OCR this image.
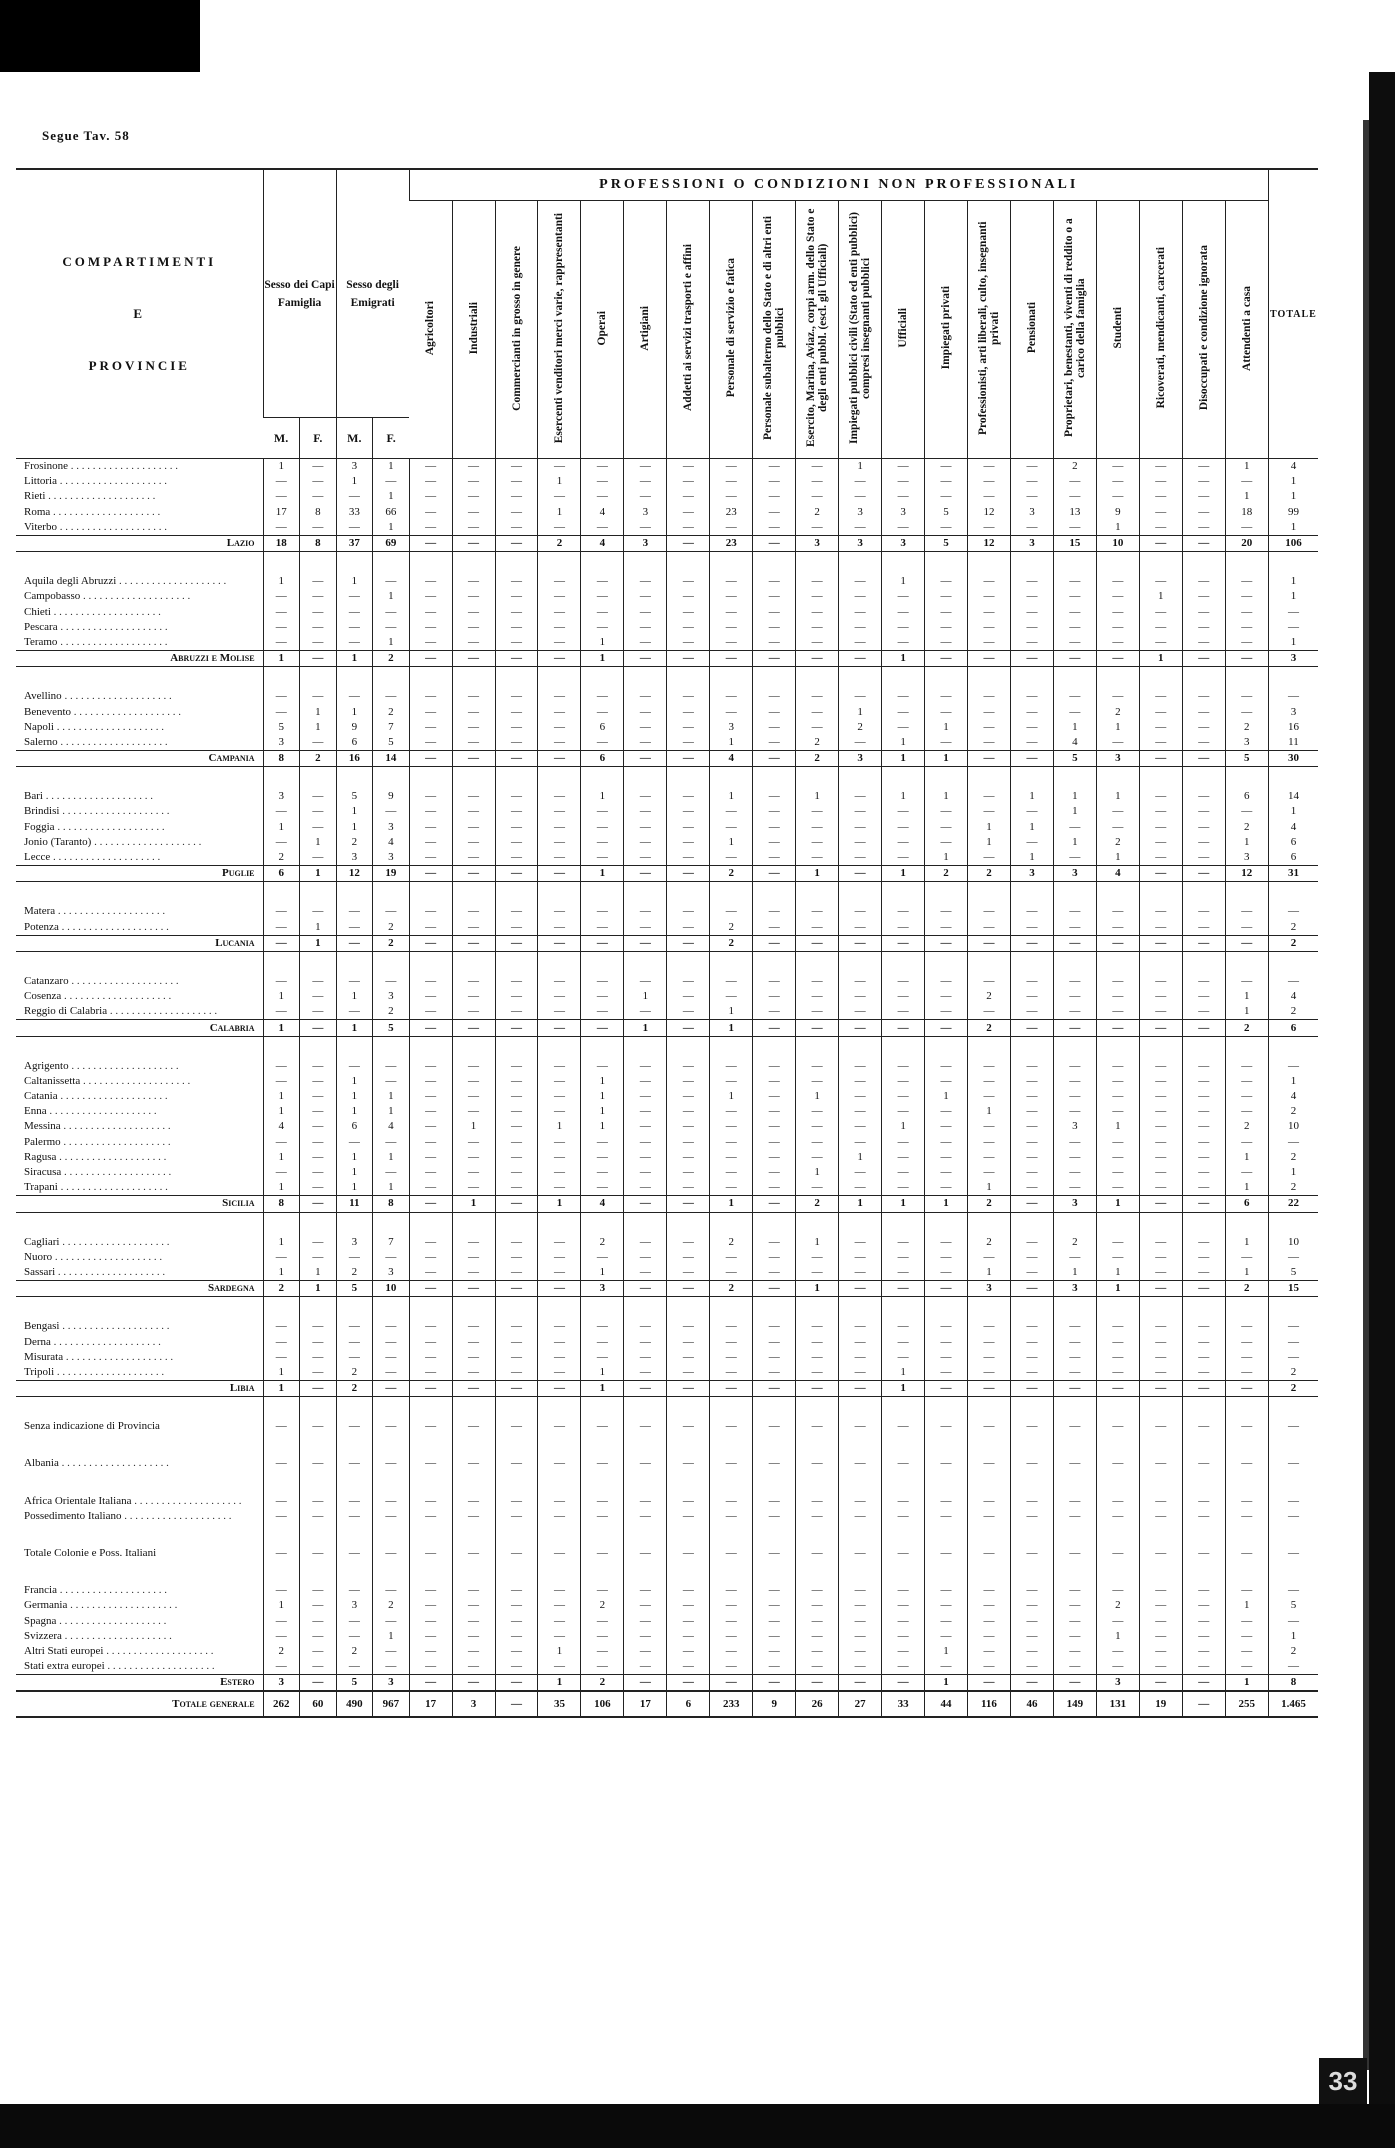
33
Segue Tav. 58
COMPARTIMENTI
E
PROVINCIE	Sesso dei Capi Famiglia		Sesso degli Emigrati		PROFESSIONI O CONDIZIONI NON PROFESSIONALI																				TOTALE
					Agricoltori	Industriali	Commercianti in grosso in genere	Esercenti venditori merci varie, rappresentanti	Operai	Artigiani	Addetti ai servizi trasporti e affini	Personale di servizio e fatica	Personale subalterno dello Stato e di altri enti pubblici	Esercito, Marina, Aviaz., corpi arm. dello Stato e degli enti pubbl. (escl. gli Ufficiali)	Impiegati pubblici civili (Stato ed enti pubblici) compresi insegnanti pubblici	Ufficiali	Impiegati privati	Professionisti, arti liberali, culto, insegnanti privati	Pensionati	Proprietari, benestanti, viventi di reddito o a carico della famiglia	Studenti	Ricoverati, mendicanti, carcerati	Disoccupati e condizione ignorata	Attendenti a casa	
	M.	F.	M.	F.																					
Frosinone . . .	1	—	3	1	—	—	—	—	—	—	—	—	—	—	1	—	—	—	—	2	—	—	—	1	4
Littoria . . .	—	—	1	—	—	—	—	1	—	—	—	—	—	—	—	—	—	—	—	—	—	—	—	—	1
Rieti . . .	—	—	—	1	—	—	—	—	—	—	—	—	—	—	—	—	—	—	—	—	—	—	—	1	1
Roma . . .	17	8	33	66	—	—	—	1	4	3	—	23	—	2	3	3	5	12	3	13	9	—	—	18	99
Viterbo . . .	—	—	—	1	—	—	—	—	—	—	—	—	—	—	—	—	—	—	—	—	1	—	—	—	1
Lazio	18	8	37	69	—	—	—	2	4	3	—	23	—	3	3	3	5	12	3	15	10	—	—	20	106

Aquila degli Abruzzi . . .	1	—	1	—	—	—	—	—	—	—	—	—	—	—	—	1	—	—	—	—	—	—	—	—	1
Campobasso . . .	—	—	—	1	—	—	—	—	—	—	—	—	—	—	—	—	—	—	—	—	—	1	—	—	1
Chieti . . .	—	—	—	—	—	—	—	—	—	—	—	—	—	—	—	—	—	—	—	—	—	—	—	—	—
Pescara . . .	—	—	—	—	—	—	—	—	—	—	—	—	—	—	—	—	—	—	—	—	—	—	—	—	—
Teramo . . .	—	—	—	1	—	—	—	—	1	—	—	—	—	—	—	—	—	—	—	—	—	—	—	—	1
Abruzzi e Molise	1	—	1	2	—	—	—	—	1	—	—	—	—	—	—	1	—	—	—	—	—	1	—	—	3

Avellino . . .	—	—	—	—	—	—	—	—	—	—	—	—	—	—	—	—	—	—	—	—	—	—	—	—	—
Benevento . . .	—	1	1	2	—	—	—	—	—	—	—	—	—	—	1	—	—	—	—	—	2	—	—	—	3
Napoli . . .	5	1	9	7	—	—	—	—	6	—	—	3	—	—	2	—	1	—	—	1	1	—	—	2	16
Salerno . . .	3	—	6	5	—	—	—	—	—	—	—	1	—	2	—	1	—	—	—	4	—	—	—	3	11
Campania	8	2	16	14	—	—	—	—	6	—	—	4	—	2	3	1	1	—	—	5	3	—	—	5	30

Bari . . .	3	—	5	9	—	—	—	—	1	—	—	1	—	1	—	1	1	—	1	1	1	—	—	6	14
Brindisi . . .	—	—	1	—	—	—	—	—	—	—	—	—	—	—	—	—	—	—	—	1	—	—	—	—	1
Foggia . . .	1	—	1	3	—	—	—	—	—	—	—	—	—	—	—	—	—	1	1	—	—	—	—	2	4
Jonio (Taranto) . . .	—	1	2	4	—	—	—	—	—	—	—	1	—	—	—	—	—	1	—	1	2	—	—	1	6
Lecce . . .	2	—	3	3	—	—	—	—	—	—	—	—	—	—	—	—	1	—	1	—	1	—	—	3	6
Puglie	6	1	12	19	—	—	—	—	1	—	—	2	—	1	—	1	2	2	3	3	4	—	—	12	31

Matera . . .	—	—	—	—	—	—	—	—	—	—	—	—	—	—	—	—	—	—	—	—	—	—	—	—	—
Potenza . . .	—	1	—	2	—	—	—	—	—	—	—	2	—	—	—	—	—	—	—	—	—	—	—	—	2
Lucania	—	1	—	2	—	—	—	—	—	—	—	2	—	—	—	—	—	—	—	—	—	—	—	—	2

Catanzaro . . .	—	—	—	—	—	—	—	—	—	—	—	—	—	—	—	—	—	—	—	—	—	—	—	—	—
Cosenza . . .	1	—	1	3	—	—	—	—	—	1	—	—	—	—	—	—	—	2	—	—	—	—	—	1	4
Reggio di Calabria . . .	—	—	—	2	—	—	—	—	—	—	—	1	—	—	—	—	—	—	—	—	—	—	—	1	2
Calabria	1	—	1	5	—	—	—	—	—	1	—	1	—	—	—	—	—	2	—	—	—	—	—	2	6

Agrigento . . .	—	—	—	—	—	—	—	—	—	—	—	—	—	—	—	—	—	—	—	—	—	—	—	—	—
Caltanissetta . . .	—	—	1	—	—	—	—	—	1	—	—	—	—	—	—	—	—	—	—	—	—	—	—	—	1
Catania . . .	1	—	1	1	—	—	—	—	1	—	—	1	—	1	—	—	1	—	—	—	—	—	—	—	4
Enna . . .	1	—	1	1	—	—	—	—	1	—	—	—	—	—	—	—	—	1	—	—	—	—	—	—	2
Messina . . .	4	—	6	4	—	1	—	1	1	—	—	—	—	—	—	1	—	—	—	3	1	—	—	2	10
Palermo . . .	—	—	—	—	—	—	—	—	—	—	—	—	—	—	—	—	—	—	—	—	—	—	—	—	—
Ragusa . . .	1	—	1	1	—	—	—	—	—	—	—	—	—	—	1	—	—	—	—	—	—	—	—	1	2
Siracusa . . .	—	—	1	—	—	—	—	—	—	—	—	—	—	1	—	—	—	—	—	—	—	—	—	—	1
Trapani . . .	1	—	1	1	—	—	—	—	—	—	—	—	—	—	—	—	—	1	—	—	—	—	—	1	2
Sicilia	8	—	11	8	—	1	—	1	4	—	—	1	—	2	1	1	1	2	—	3	1	—	—	6	22

Cagliari . . .	1	—	3	7	—	—	—	—	2	—	—	2	—	1	—	—	—	2	—	2	—	—	—	1	10
Nuoro . . .	—	—	—	—	—	—	—	—	—	—	—	—	—	—	—	—	—	—	—	—	—	—	—	—	—
Sassari . . .	1	1	2	3	—	—	—	—	1	—	—	—	—	—	—	—	—	1	—	1	1	—	—	1	5
Sardegna	2	1	5	10	—	—	—	—	3	—	—	2	—	1	—	—	—	3	—	3	1	—	—	2	15

Bengasi . . .	—	—	—	—	—	—	—	—	—	—	—	—	—	—	—	—	—	—	—	—	—	—	—	—	—
Derna . . .	—	—	—	—	—	—	—	—	—	—	—	—	—	—	—	—	—	—	—	—	—	—	—	—	—
Misurata . . .	—	—	—	—	—	—	—	—	—	—	—	—	—	—	—	—	—	—	—	—	—	—	—	—	—
Tripoli . . .	1	—	2	—	—	—	—	—	1	—	—	—	—	—	—	1	—	—	—	—	—	—	—	—	2
Libia	1	—	2	—	—	—	—	—	1	—	—	—	—	—	—	1	—	—	—	—	—	—	—	—	2

Senza indicazione di Provincia	—	—	—	—	—	—	—	—	—	—	—	—	—	—	—	—	—	—	—	—	—	—	—	—	—

Albania . . .	—	—	—	—	—	—	—	—	—	—	—	—	—	—	—	—	—	—	—	—	—	—	—	—	—

Africa Orientale Italiana . . .	—	—	—	—	—	—	—	—	—	—	—	—	—	—	—	—	—	—	—	—	—	—	—	—	—
Possedimento Italiano . . .	—	—	—	—	—	—	—	—	—	—	—	—	—	—	—	—	—	—	—	—	—	—	—	—	—

Totale Colonie e Poss. Italiani	—	—	—	—	—	—	—	—	—	—	—	—	—	—	—	—	—	—	—	—	—	—	—	—	—

Francia . . .	—	—	—	—	—	—	—	—	—	—	—	—	—	—	—	—	—	—	—	—	—	—	—	—	—
Germania . . .	1	—	3	2	—	—	—	—	2	—	—	—	—	—	—	—	—	—	—	—	2	—	—	1	5
Spagna . . .	—	—	—	—	—	—	—	—	—	—	—	—	—	—	—	—	—	—	—	—	—	—	—	—	—
Svizzera . . .	—	—	—	1	—	—	—	—	—	—	—	—	—	—	—	—	—	—	—	—	1	—	—	—	1
Altri Stati europei . . .	2	—	2	—	—	—	—	1	—	—	—	—	—	—	—	—	1	—	—	—	—	—	—	—	2
Stati extra europei . . .	—	—	—	—	—	—	—	—	—	—	—	—	—	—	—	—	—	—	—	—	—	—	—	—	—
Estero	3	—	5	3	—	—	—	1	2	—	—	—	—	—	—	—	1	—	—	—	3	—	—	1	8
Totale generale	262	60	490	967	17	3	—	35	106	17	6	233	9	26	27	33	44	116	46	149	131	19	—	255	1.465
